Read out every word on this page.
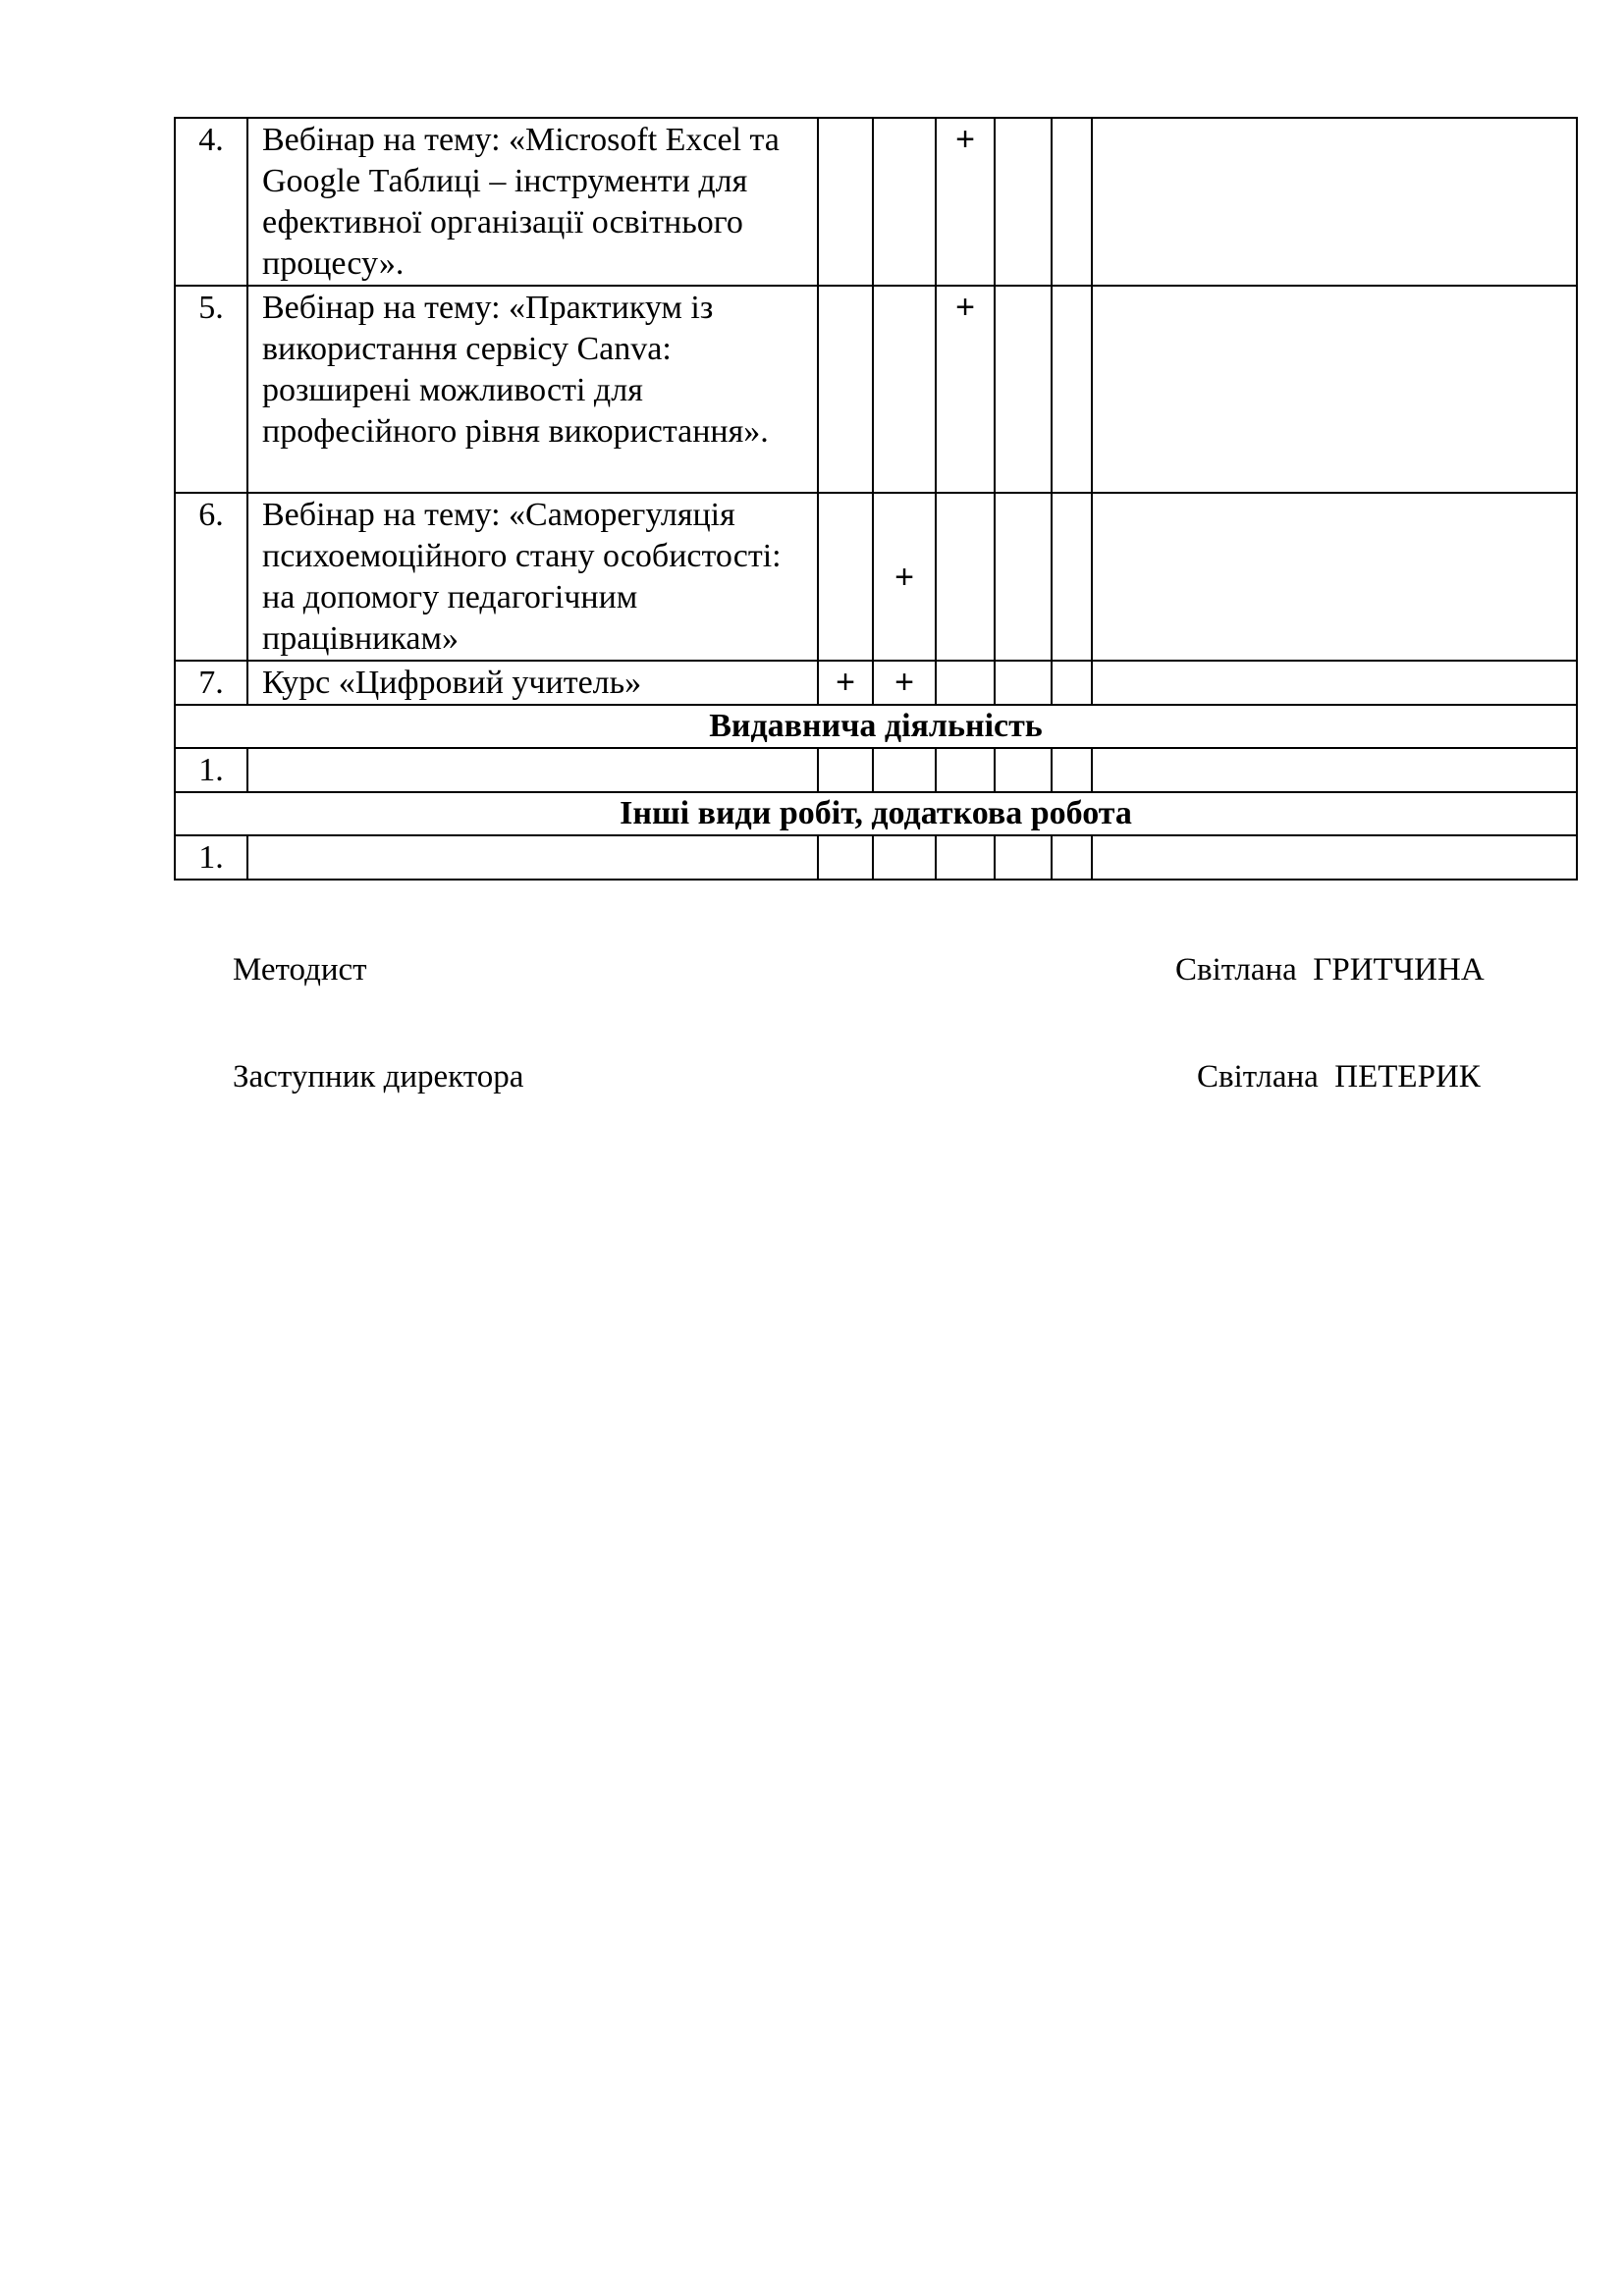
4.	Вебінар на тему: «Microsoft Excel та Google Таблиці – інструменти для ефективної організації освітнього процесу».			+			

5.	Вебінар на тему: «Практикум із використання сервісу Canva: розширені можливості для професійного рівня використання».			+			

6.	Вебінар на тему: «Саморегуляція психоемоційного стану особистості: на допомогу педагогічним працівникам»		+				

7.	Курс «Цифровий учитель»	+	+				
Видавнича діяльність							

1.							

Інші види робіт, додаткова робота							

1.							

Методист	Світлана  ГРИТЧИНА
Заступник директора	Світлана  ПЕТЕРИК
